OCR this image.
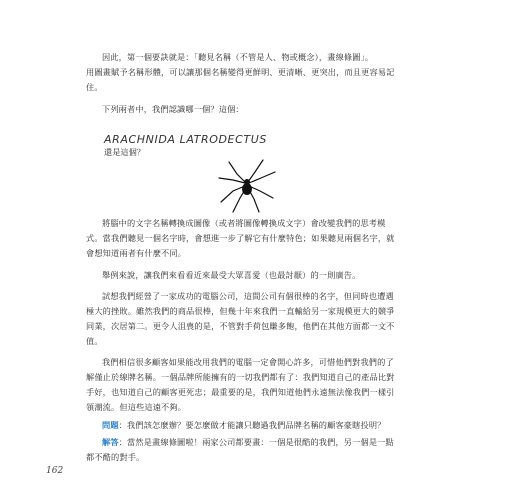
因此，第一個要訣就是：「聽見名稱（不管是人、物或概念），畫線條圖」。
用圖畫賦予名稱形體，可以讓那個名稱變得更鮮明、更清晰、更突出，而且更容易記
住。
下列兩者中，我們認識哪一個？這個：
ARACHNIDA LATRODECTUS
還是這個？
將腦中的文字名稱轉換成圖像（或者將圖像轉換成文字）會改變我們的思考模
式。當我們聽見一個名字時，會想進一步了解它有什麼特色；如果聽見兩個名字，就
會想知道兩者有什麼不同。
舉例來說，讓我們來看看近來最受大眾喜愛（也最討厭）的一則廣告。
試想我們經營了一家成功的電腦公司，這間公司有個很棒的名字，但同時也遭遇
極大的挫敗。雖然我們的商品很棒，但幾十年來我們一直輸給另一家規模更大的競爭
同業，次居第二。更令人沮喪的是，不管對手荷包賺多飽，他們在其他方面都一文不
值。
我們相信很多顧客如果能改用我們的電腦一定會開心許多，可惜他們對我們的了
解僅止於線牌名稱。一個品牌所能擁有的一切我們都有了：我們知道自己的產品比對
手好，也知道自己的顧客更死忠；最重要的是，我們知道他們永遠無法像我們一樣引
領潮流。但這些這遠不夠。
問題：我們該怎麼辦？要怎麼做才能讓只聽過我們品牌名稱的顧客豪瞎投明？
解答：當然是畫線條圖啦！兩家公司都要畫：一個是很酷的我們，另一個是一點
都不酷的對手。
162
